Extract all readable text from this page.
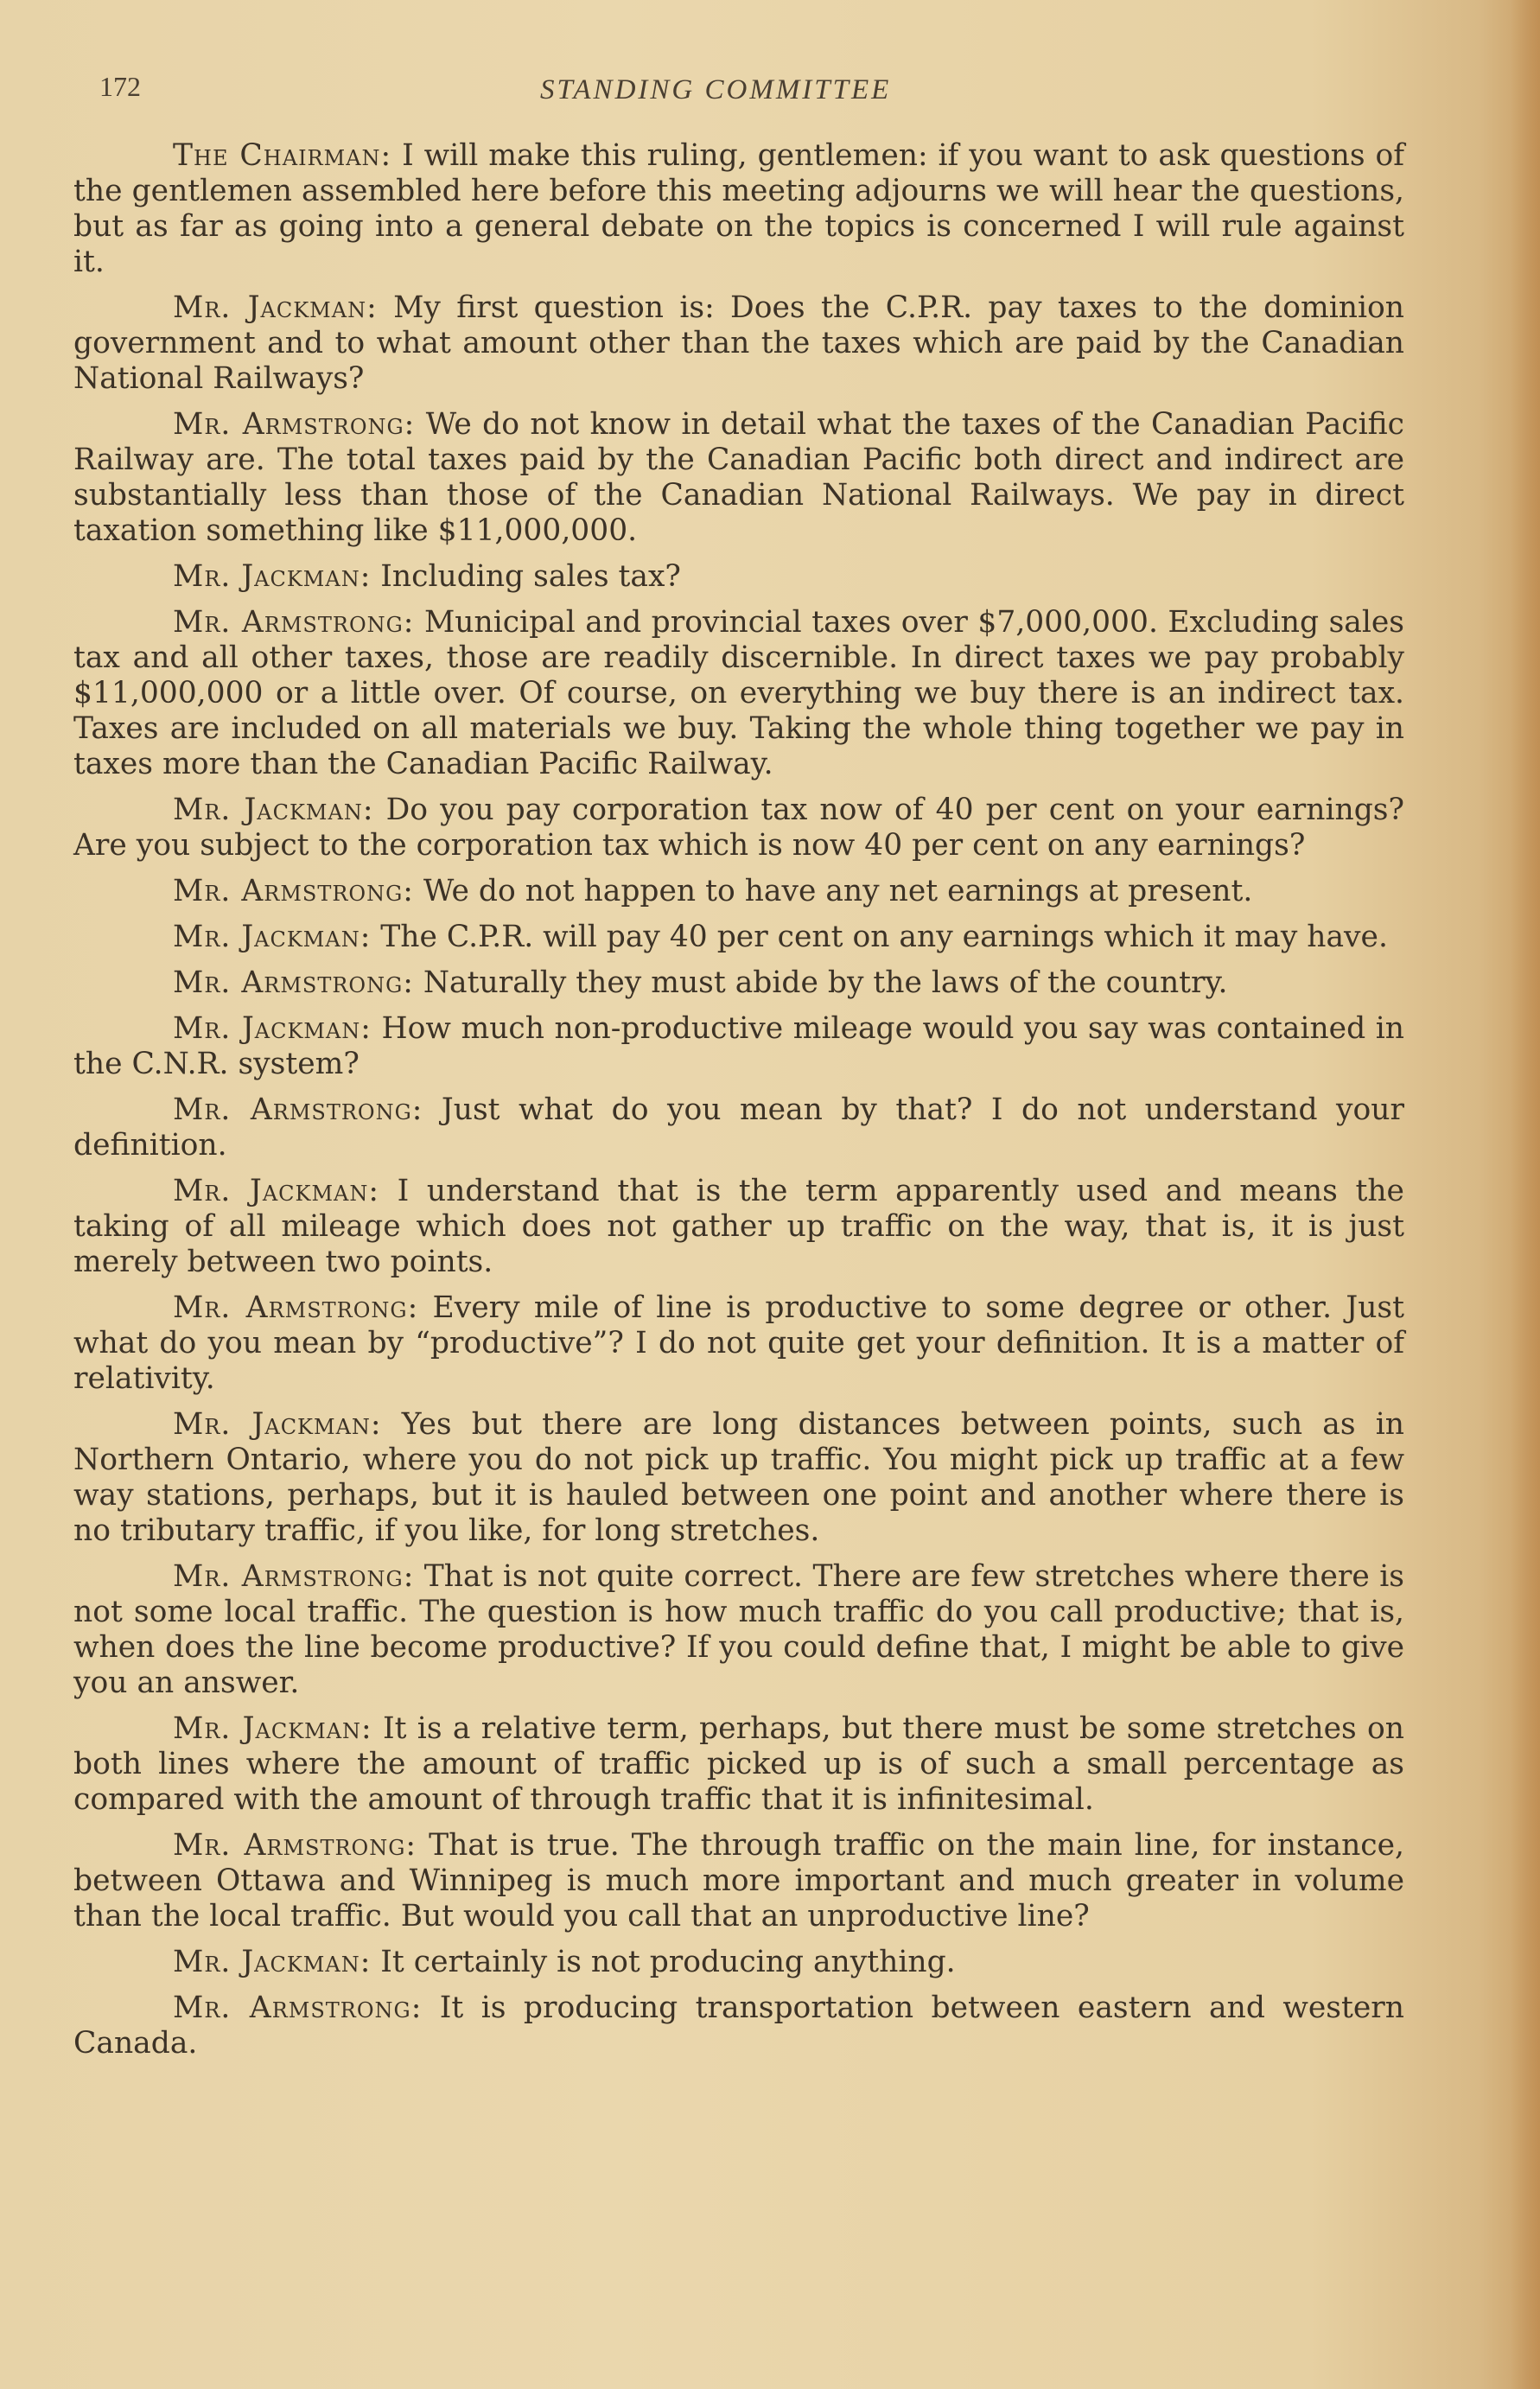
172	STANDING COMMITTEE

The Chairman: I will make this ruling, gentlemen: if you want to ask questions of the gentlemen assembled here before this meeting adjourns we will hear the questions, but as far as going into a general debate on the topics is concerned I will rule against it.

Mr. Jackman: My first question is: Does the C.P.R. pay taxes to the dominion government and to what amount other than the taxes which are paid by the Canadian National Railways?

Mr. Armstrong: We do not know in detail what the taxes of the Canadian Pacific Railway are. The total taxes paid by the Canadian Pacific both direct and indirect are substantially less than those of the Canadian National Railways. We pay in direct taxation something like $11,000,000.

Mr. Jackman: Including sales tax?

Mr. Armstrong: Municipal and provincial taxes over $7,000,000. Excluding sales tax and all other taxes, those are readily discernible. In direct taxes we pay probably $11,000,000 or a little over. Of course, on everything we buy there is an indirect tax. Taxes are included on all materials we buy. Taking the whole thing together we pay in taxes more than the Canadian Pacific Railway.

Mr. Jackman: Do you pay corporation tax now of 40 per cent on your earnings? Are you subject to the corporation tax which is now 40 per cent on any earnings?

Mr. Armstrong: We do not happen to have any net earnings at present.

Mr. Jackman: The C.P.R. will pay 40 per cent on any earnings which it may have.

Mr. Armstrong: Naturally they must abide by the laws of the country.

Mr. Jackman: How much non-productive mileage would you say was contained in the C.N.R. system?

Mr. Armstrong: Just what do you mean by that? I do not understand your definition.

Mr. Jackman: I understand that is the term apparently used and means the taking of all mileage which does not gather up traffic on the way, that is, it is just merely between two points.

Mr. Armstrong: Every mile of line is productive to some degree or other. Just what do you mean by “productive”? I do not quite get your definition. It is a matter of relativity.

Mr. Jackman: Yes but there are long distances between points, such as in Northern Ontario, where you do not pick up traffic. You might pick up traffic at a few way stations, perhaps, but it is hauled between one point and another where there is no tributary traffic, if you like, for long stretches.

Mr. Armstrong: That is not quite correct. There are few stretches where there is not some local traffic. The question is how much traffic do you call productive; that is, when does the line become productive? If you could define that, I might be able to give you an answer.

Mr. Jackman: It is a relative term, perhaps, but there must be some stretches on both lines where the amount of traffic picked up is of such a small percentage as compared with the amount of through traffic that it is infinitesimal.

Mr. Armstrong: That is true. The through traffic on the main line, for instance, between Ottawa and Winnipeg is much more important and much greater in volume than the local traffic. But would you call that an unproductive line?

Mr. Jackman: It certainly is not producing anything.

Mr. Armstrong: It is producing transportation between eastern and western Canada.
